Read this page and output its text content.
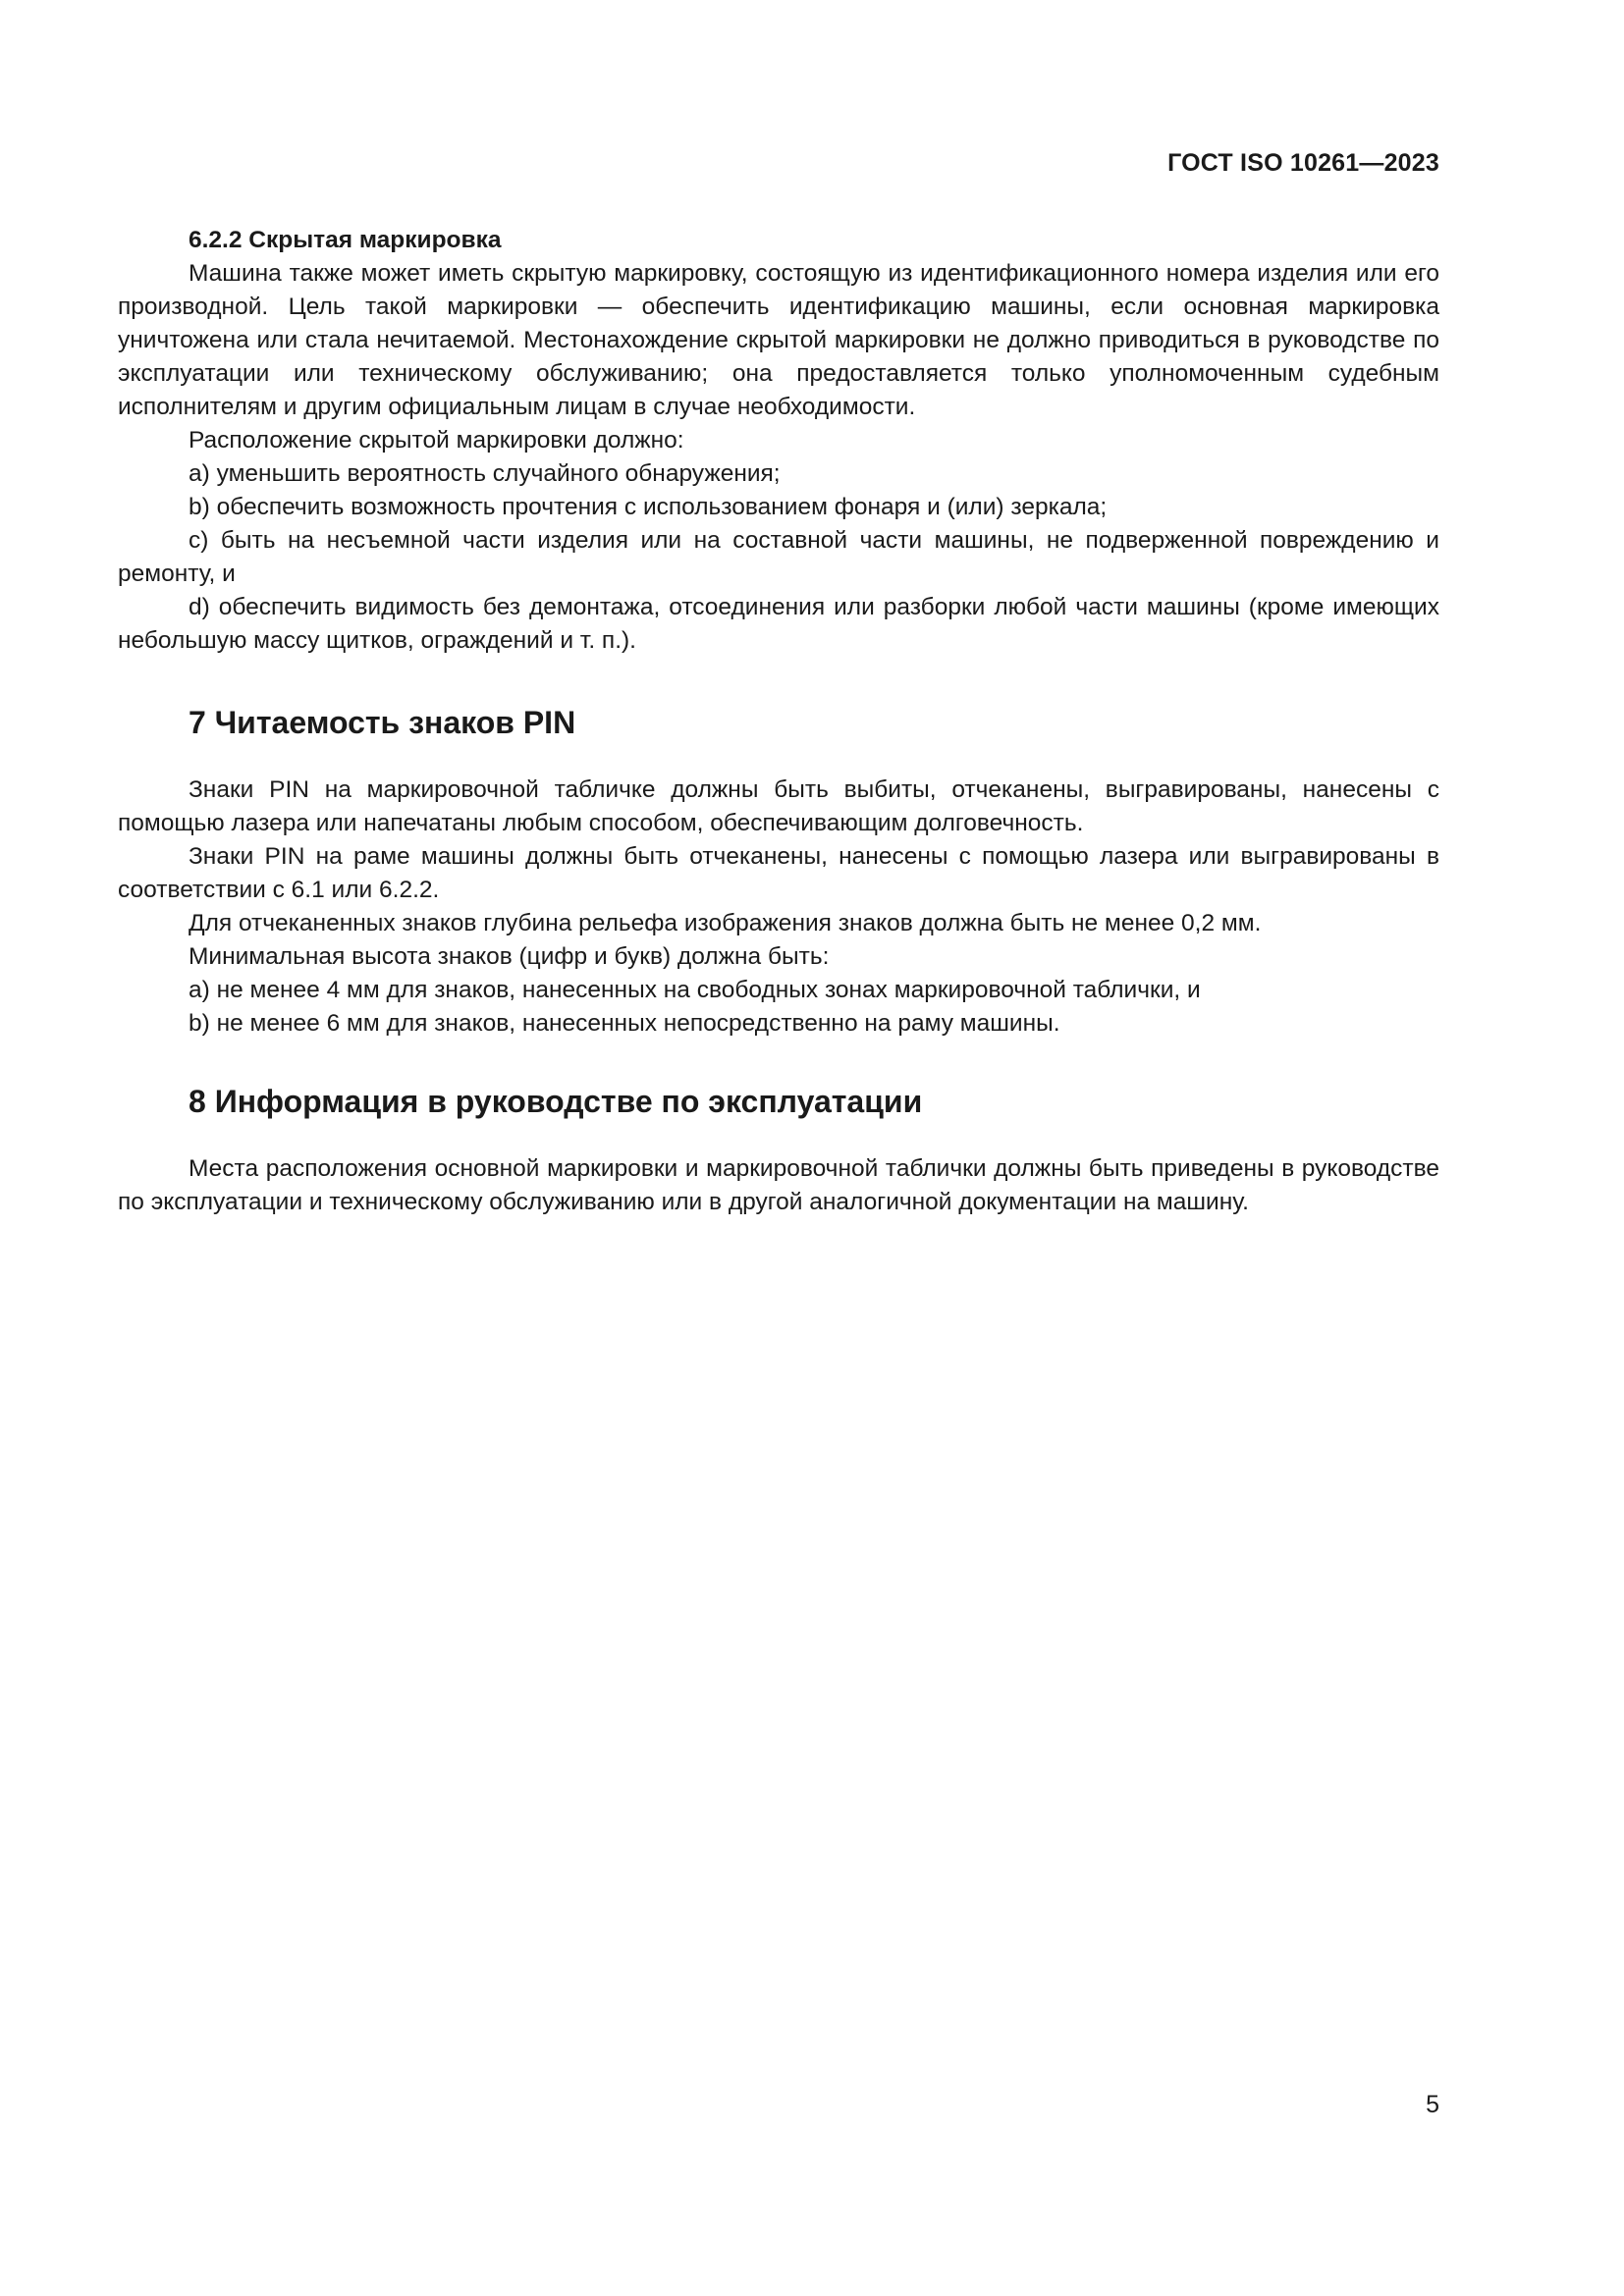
ГОСТ ISO 10261—2023
6.2.2 Скрытая маркировка

Машина также может иметь скрытую маркировку, состоящую из идентификационного номера изделия или его производной. Цель такой маркировки — обеспечить идентификацию машины, если основная маркировка уничтожена или стала нечитаемой. Местонахождение скрытой маркировки не должно приводиться в руководстве по эксплуатации или техническому обслуживанию; она предоставляется только уполномоченным судебным исполнителям и другим официальным лицам в случае необходимости.

Расположение скрытой маркировки должно:

a) уменьшить вероятность случайного обнаружения;

b) обеспечить возможность прочтения с использованием фонаря и (или) зеркала;

c) быть на несъемной части изделия или на составной части машины, не подверженной повреждению и ремонту, и

d) обеспечить видимость без демонтажа, отсоединения или разборки любой части машины (кроме имеющих небольшую массу щитков, ограждений и т. п.).

7 Читаемость знаков PIN

Знаки PIN на маркировочной табличке должны быть выбиты, отчеканены, выгравированы, нанесены с помощью лазера или напечатаны любым способом, обеспечивающим долговечность.

Знаки PIN на раме машины должны быть отчеканены, нанесены с помощью лазера или выгравированы в соответствии с 6.1 или 6.2.2.

Для отчеканенных знаков глубина рельефа изображения знаков должна быть не менее 0,2 мм.

Минимальная высота знаков (цифр и букв) должна быть:

a) не менее 4 мм для знаков, нанесенных на свободных зонах маркировочной таблички, и

b) не менее 6 мм для знаков, нанесенных непосредственно на раму машины.

8 Информация в руководстве по эксплуатации

Места расположения основной маркировки и маркировочной таблички должны быть приведены в руководстве по эксплуатации и техническому обслуживанию или в другой аналогичной документации на машину.

5
